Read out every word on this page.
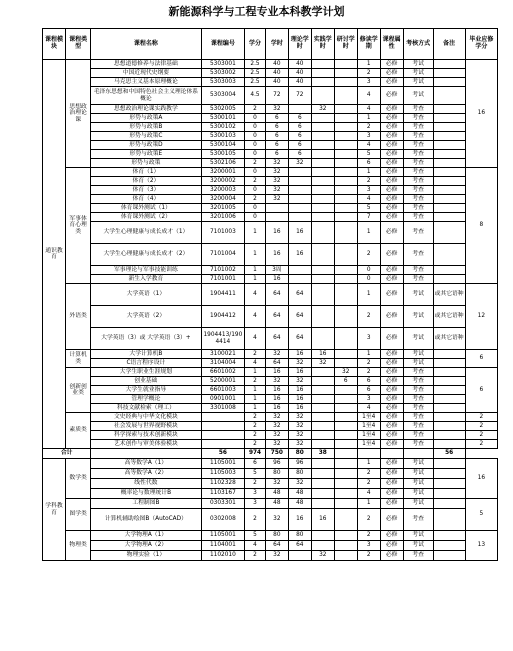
新能源科学与工程专业本科教学计划
课程模块	课程类型	课程名称	课程编号	学分	学时	理论学时	实践学时	研讨学时	修读学期	课程属性	考核方式	备注	毕业应修学分
通识教育	思想政治理论课	思想道德修养与法律基础	5303001	2.5	40	40			1	必修	考试		16
		中国近现代史纲要	5303002	2.5	40	40			2	必修	考试		
		马克思主义基本原理概论	5303003	2.5	40	40			3	必修	考试		
		毛泽东思想和中国特色社会主义理论体系概论	5303004	4.5	72	72			4	必修	考试		
		思想政治理论课实践教学	5302005	2	32		32		4	必修	考查		
		形势与政策A	5300101	0	6	6			1	必修	考查		
		形势与政策B	5300102	0	6	6			2	必修	考查		
		形势与政策C	5300103	0	6	6			3	必修	考查		
		形势与政策D	5300104	0	6	6			4	必修	考查		
		形势与政策E	5300105	0	6	6			5	必修	考查		
		形势与政策	5302106	2	32	32			6	必修	考查		
	军事体育心理类	体育（1）	3200001	0	32				1	必修	考查		8
		体育（2）	3200002	2	32				2	必修	考查		
		体育（3）	3200003	0	32				3	必修	考查		
		体育（4）	3200004	2	32				4	必修	考查		
		体育课外测试（1）	3201005	0					5	必修	考查		
		体育课外测试（2）	3201006	0					7	必修	考查		
		大学生心理健康与成长成才（1）	7101003	1	16	16			1	必修	考查		
		大学生心理健康与成长成才（2）	7101004	1	16	16			2	必修	考查		
		军事理论与军事技能训练	7101002	1	3周				0	必修	考查		
		新生入学教育	7101001	1	16				0	必修	考查		
	外语类	大学英语（1）	1904411	4	64	64			1	必修	考试	或其它语种	12
		大学英语（2）	1904412	4	64	64			2	必修	考试	或其它语种	
		大学英语（3）或 大学英语（3）+	1904413/1904414	4	64	64			3	必修	考试	或其它语种	
	计算机类	大学计算机B	3100021	2	32	16	16		1	必修	考试		6
		C语言程序设计	3104004	4	64	32	32		2	必修	考试		
	创新创业类	大学生职业生涯规划	6601002	1	16	16		32	2	必修	考查		6
		创业基础	5200001	2	32	32		6	6	必修	考查		
		大学生就业指导	6601003	1	16	16			6	必修	考查		
		管理学概论	0901001	1	16	16			3	必修	考查		
		科技文献检索（理工）	3301008	1	16	16			4	必修	考查		
	素质类	文史经典与中华文化模块		2	32	32			1至4	必修	考查		2
		社会发展与世界视野模块		2	32	32			1至4	必修	考查		2
		科学探索与技术创新模块		2	32	32			1至4	必修	考查		2
		艺术创作与审美体验模块		2	32	32			1至4	必修	考查		2
合计			56	974	750	80	38					56	
学科教育	数学类	高等数学A（1）	1105001	6	96	96			1	必修	考试		16
		高等数学A（2）	1105003	5	80	80			2	必修	考试		
		线性代数	1102328	2	32	32			2	必修	考试		
		概率论与数理统计B	1103167	3	48	48			4	必修	考试		
	图学类	工程制图B	0303301	3	48	48			1	必修	考试		5
		计算机辅助绘图B（AutoCAD）	0302008	2	32	16	16		2	必修	考查		
	物理类	大学物理A（1）	1105001	5	80	80			2	必修	考试		13
		大学物理A（2）	1104001	4	64	64			3	必修	考试		
		物理实验（1）	1102010	2	32		32		2	必修	考查		
